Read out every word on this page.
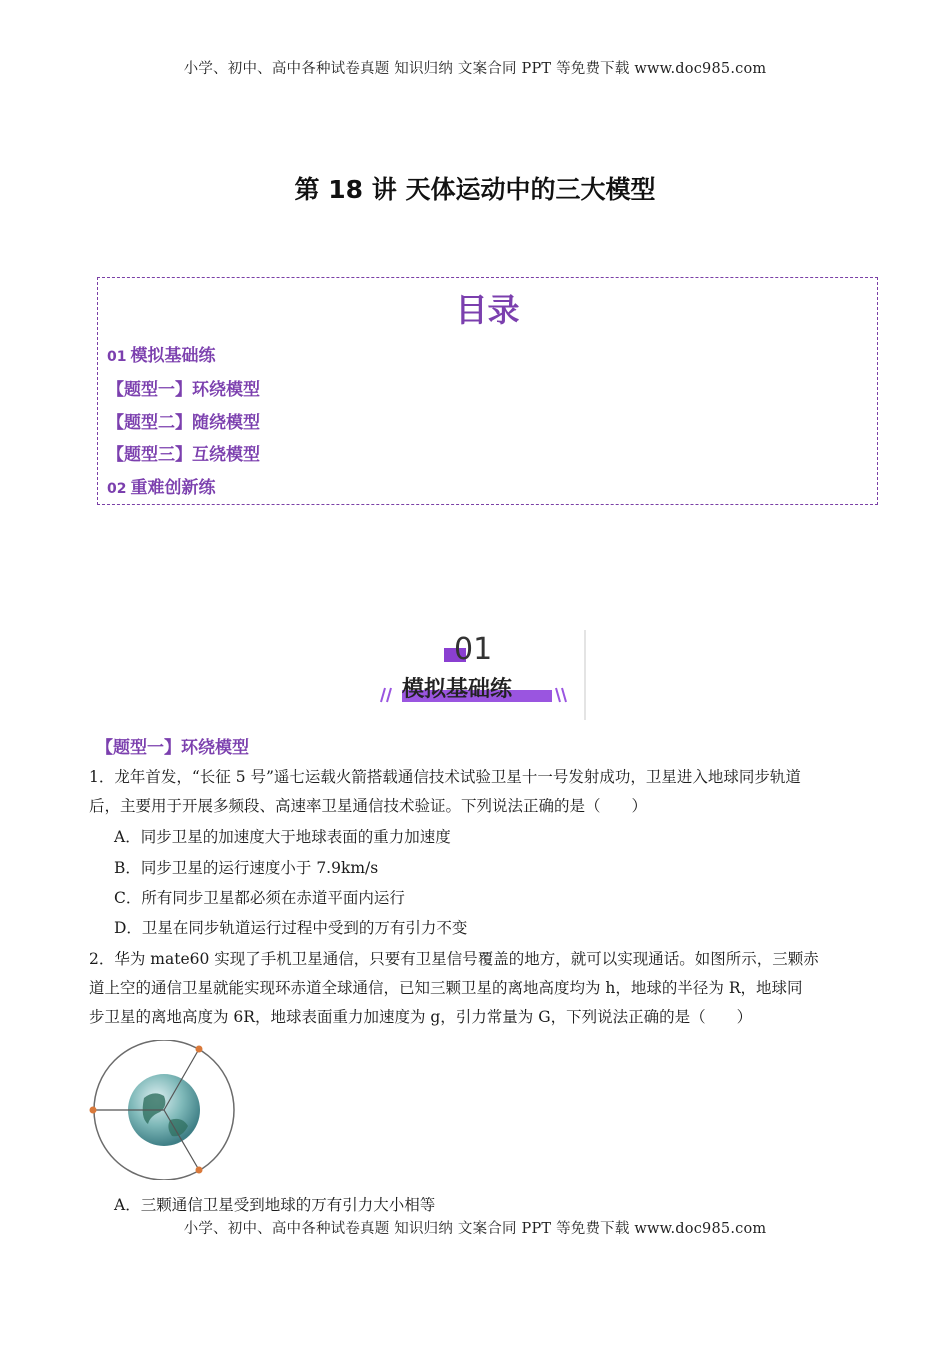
小学、初中、高中各种试卷真题 知识归纳 文案合同 PPT 等免费下载 www.doc985.com
第 18 讲 天体运动中的三大模型
目录
01 模拟基础练
【题型一】环绕模型
【题型二】随绕模型
【题型三】互绕模型
02 重难创新练
01
模拟基础练
【题型一】环绕模型
1．龙年首发，“长征 5 号”遥七运载火箭搭载通信技术试验卫星十一号发射成功，卫星进入地球同步轨道
后，主要用于开展多频段、高速率卫星通信技术验证。下列说法正确的是（　　）
A．同步卫星的加速度大于地球表面的重力加速度
B．同步卫星的运行速度小于 7.9km/s
C．所有同步卫星都必须在赤道平面内运行
D．卫星在同步轨道运行过程中受到的万有引力不变
2．华为 mate60 实现了手机卫星通信，只要有卫星信号覆盖的地方，就可以实现通话。如图所示，三颗赤
道上空的通信卫星就能实现环赤道全球通信，已知三颗卫星的离地高度均为 h，地球的半径为 R，地球同
步卫星的离地高度为 6R，地球表面重力加速度为 g，引力常量为 G，下列说法正确的是（　　）
A．三颗通信卫星受到地球的万有引力大小相等
小学、初中、高中各种试卷真题 知识归纳 文案合同 PPT 等免费下载 www.doc985.com
